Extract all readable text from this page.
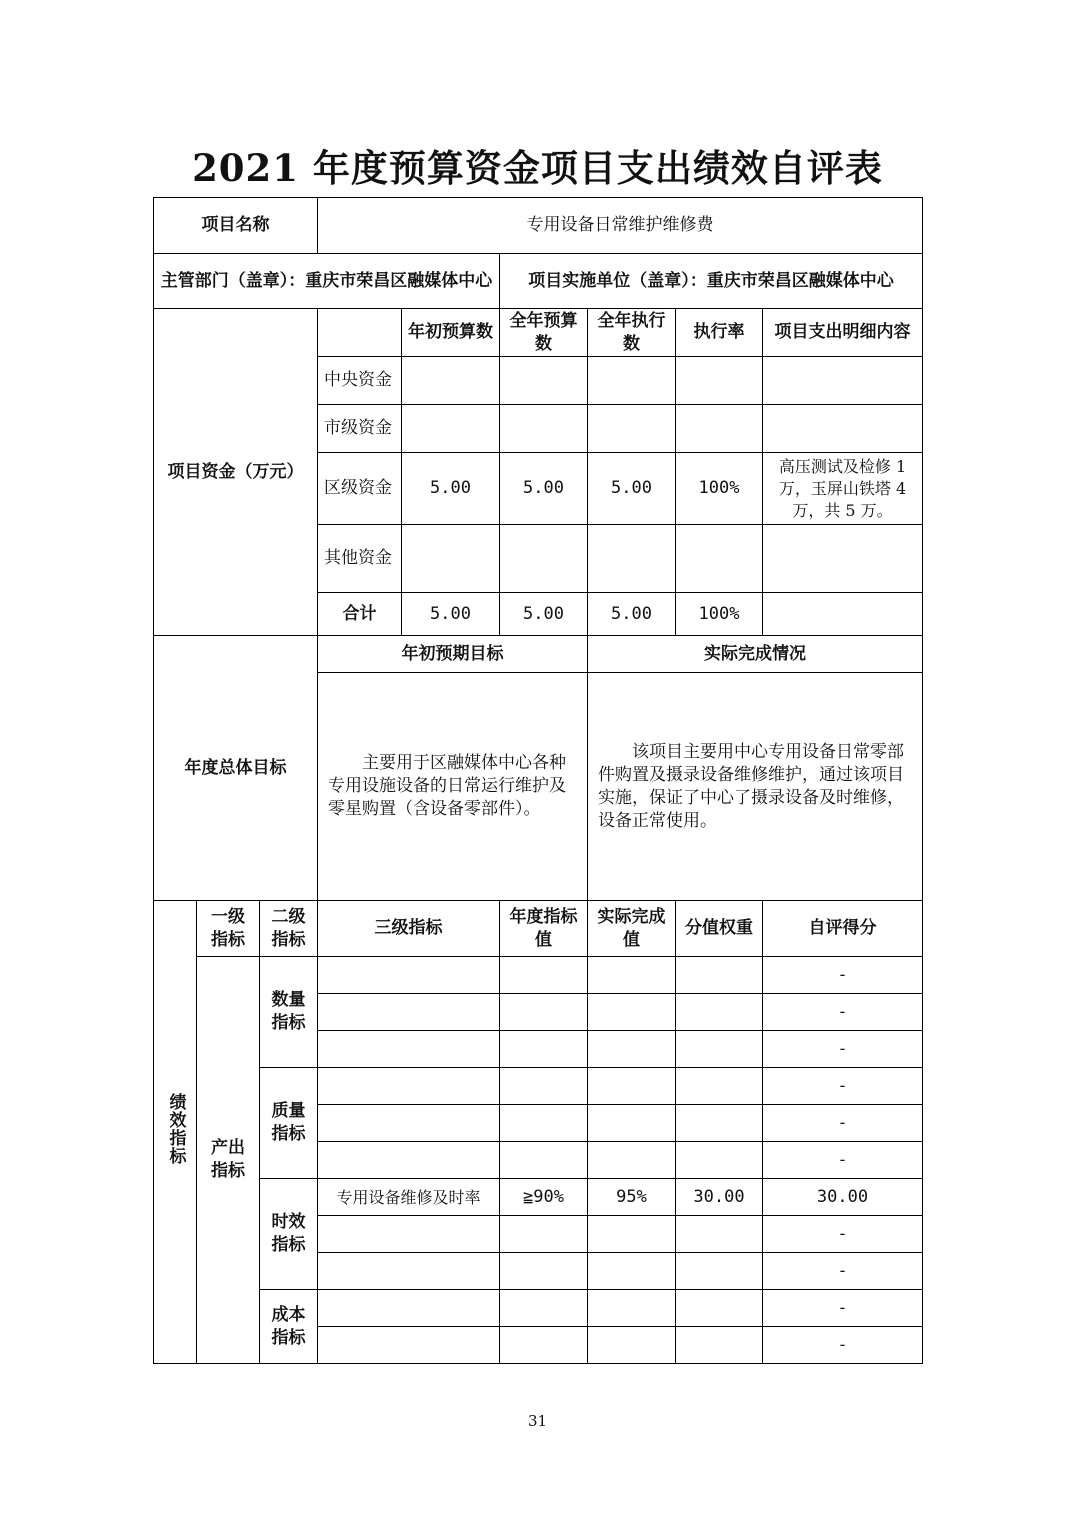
2021 年度预算资金项目支出绩效自评表
项目名称			专用设备日常维护维修费					
主管部门（盖章）：重庆市荣昌区融媒体中心					项目实施单位（盖章）：重庆市荣昌区融媒体中心			
项目资金（万元）				年初预算数	全年预算数	全年执行数	执行率	项目支出明细内容
			中央资金					
			市级资金					
			区级资金	5.00	5.00	5.00	100%	高压测试及检修 1 万，玉屏山铁塔 4 万，共 5 万。
			其他资金					
			合计	5.00	5.00	5.00	100%	
年度总体目标			年初预期目标			实际完成情况		
			主要用于区融媒体中心各种专用设施设备的日常运行维护及零星购置（含设备零部件）。			该项目主要用中心专用设备日常零部件购置及摄录设备维修维护，通过该项目实施，保证了中心了摄录设备及时维修，设备正常使用。		
绩效指标	一级指标	二级指标	三级指标		年度指标值	实际完成值	分值权重	自评得分
	产出指标	数量指标						-
								-
								-
		质量指标						-
								-
								-
		时效指标	专用设备维修及时率		≧90%	95%	30.00	30.00
								-
								-
		成本指标						-
								-
31
